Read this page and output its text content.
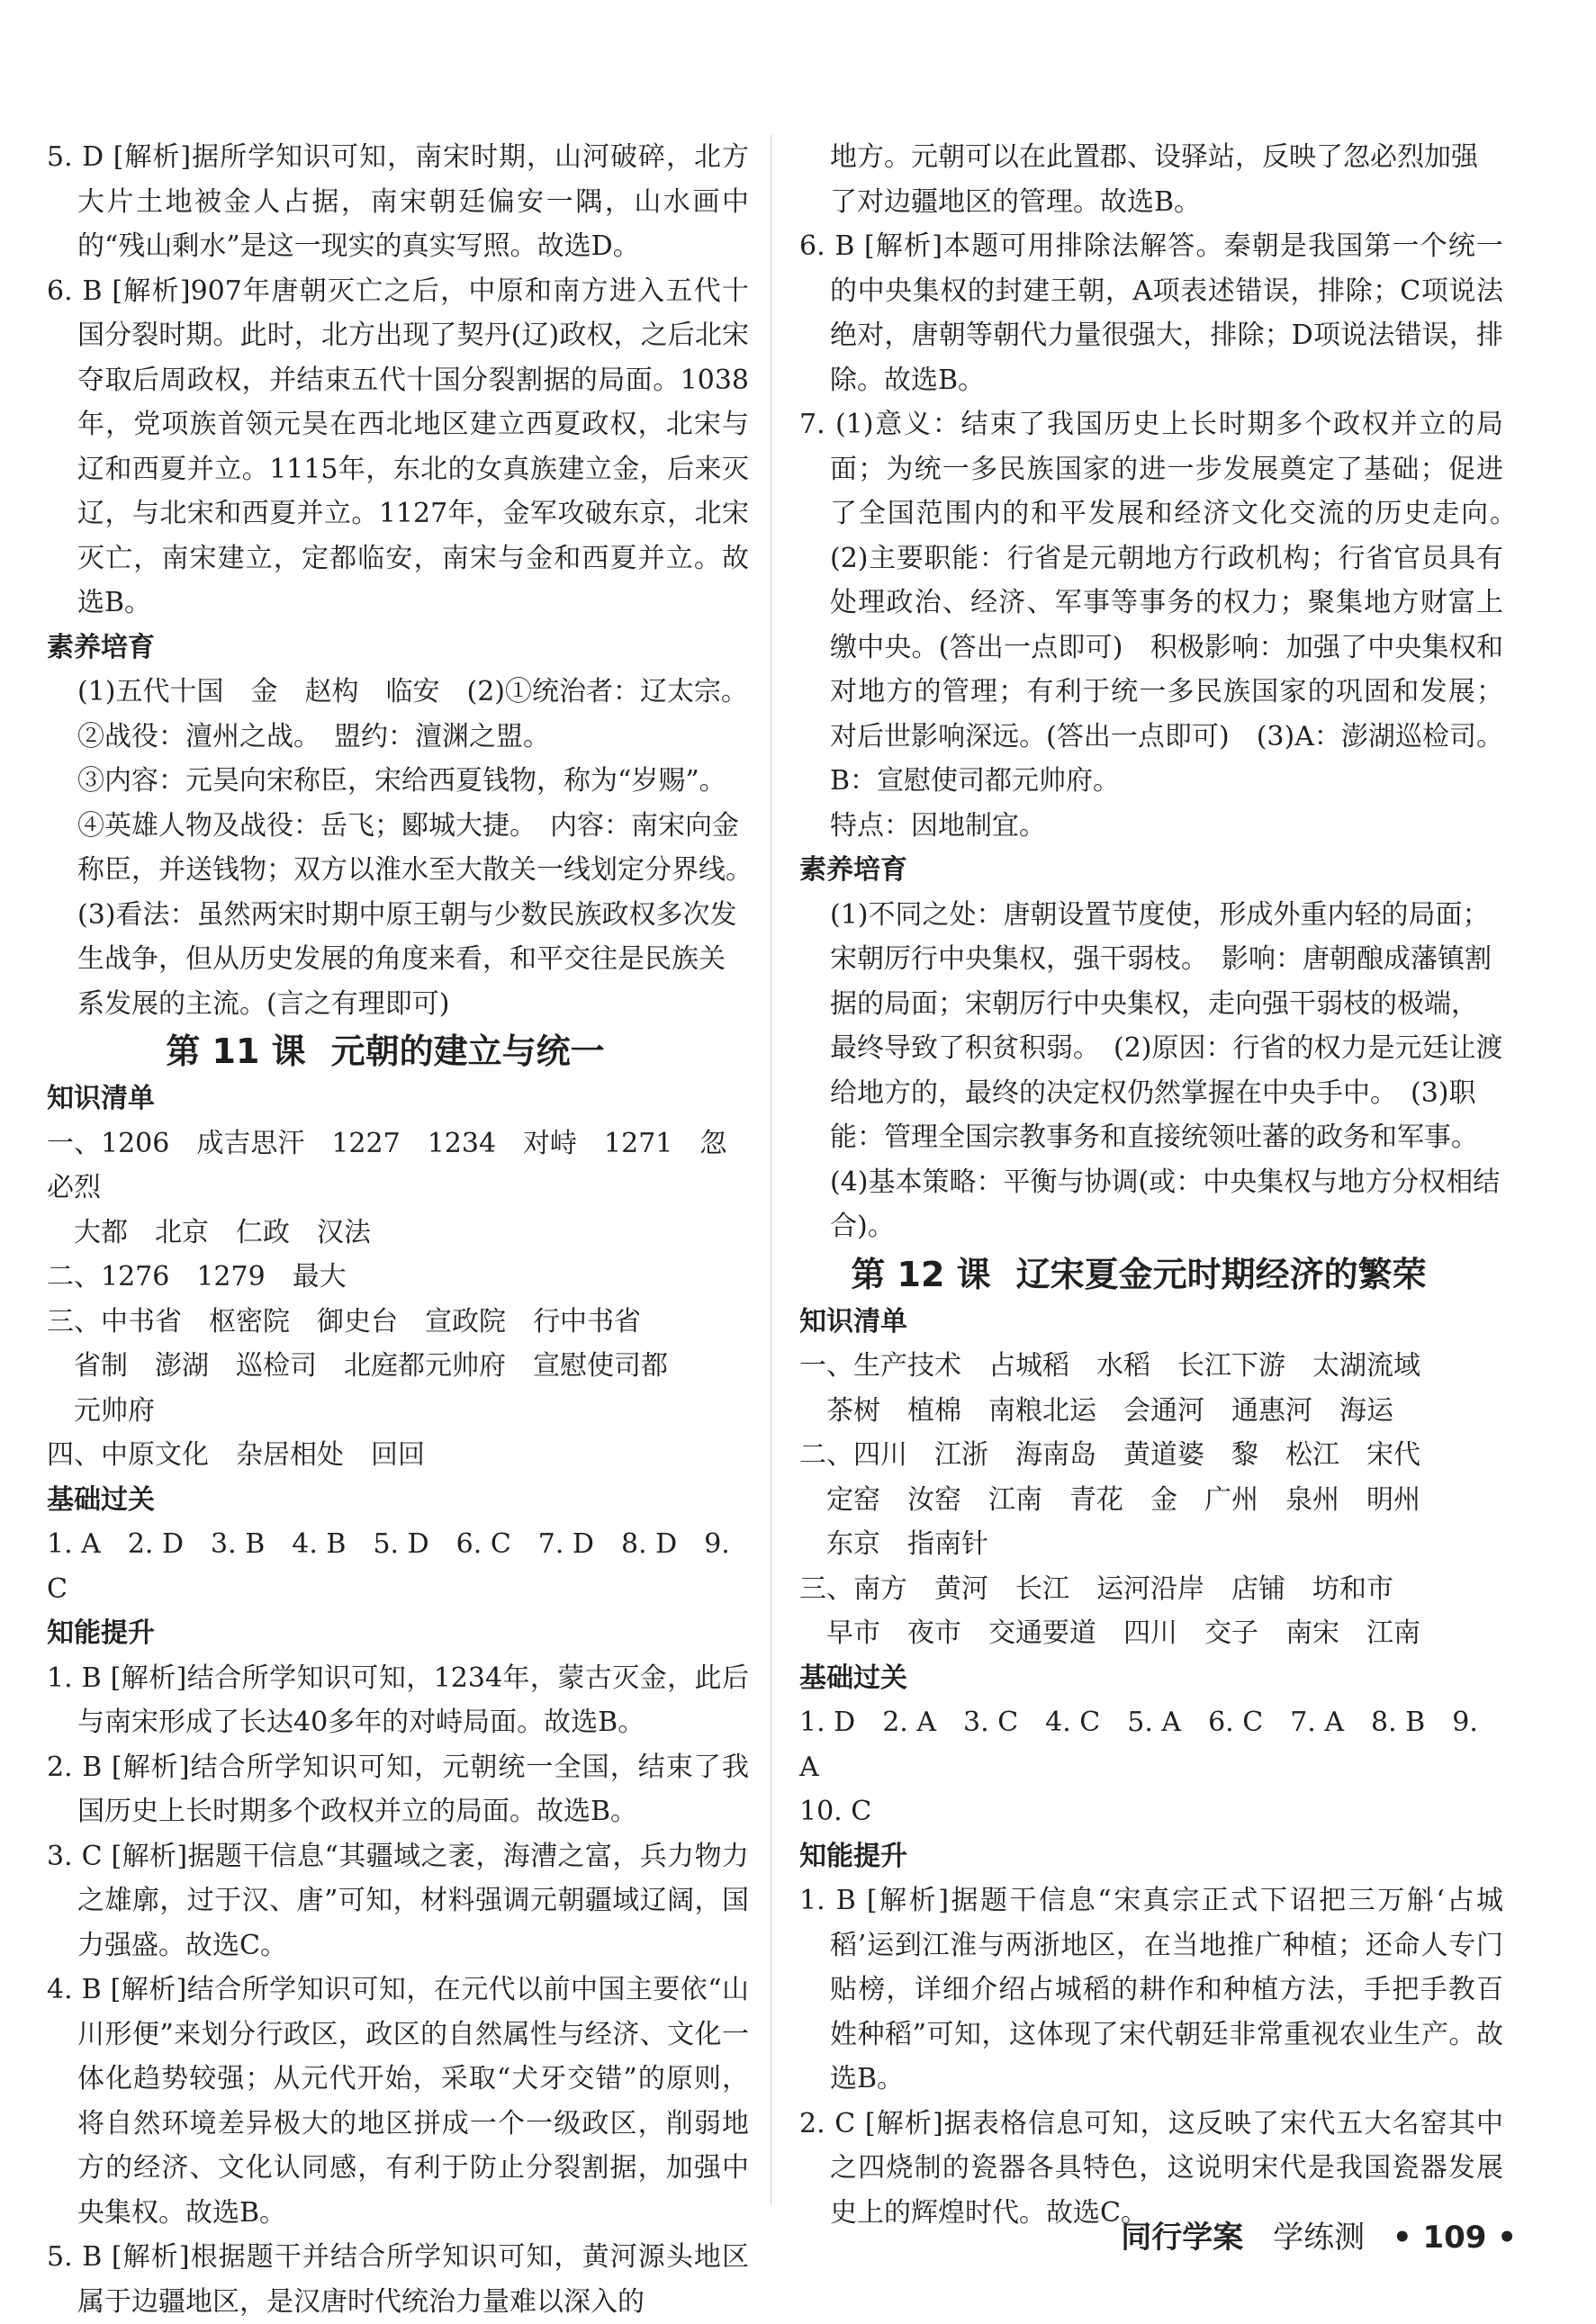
5. D [解析]据所学知识可知，南宋时期，山河破碎，北方大片土地被金人占据，南宋朝廷偏安一隅，山水画中的“残山剩水”是这一现实的真实写照。故选D。
6. B [解析]907年唐朝灭亡之后，中原和南方进入五代十国分裂时期。此时，北方出现了契丹(辽)政权，之后北宋夺取后周政权，并结束五代十国分裂割据的局面。1038年，党项族首领元昊在西北地区建立西夏政权，北宋与辽和西夏并立。1115年，东北的女真族建立金，后来灭辽，与北宋和西夏并立。1127年，金军攻破东京，北宋灭亡，南宋建立，定都临安，南宋与金和西夏并立。故选B。
素养培育
(1)五代十国　金　赵构　临安　(2)①统治者：辽太宗。　②战役：澶州之战。　盟约：澶渊之盟。
③内容：元昊向宋称臣，宋给西夏钱物，称为“岁赐”。
④英雄人物及战役：岳飞；郾城大捷。　内容：南宋向金称臣，并送钱物；双方以淮水至大散关一线划定分界线。　(3)看法：虽然两宋时期中原王朝与少数民族政权多次发生战争，但从历史发展的角度来看，和平交往是民族关系发展的主流。(言之有理即可)
第 11 课 元朝的建立与统一
知识清单
一、1206　成吉思汗　1227　1234　对峙　1271　忽必烈
大都　北京　仁政　汉法
二、1276　1279　最大
三、中书省　枢密院　御史台　宣政院　行中书省
省制　澎湖　巡检司　北庭都元帅府　宣慰使司都
元帅府
四、中原文化　杂居相处　回回
基础过关
1. A　2. D　3. B　4. B　5. D　6. C　7. D　8. D　9. C
知能提升
1. B [解析]结合所学知识可知，1234年，蒙古灭金，此后与南宋形成了长达40多年的对峙局面。故选B。
2. B [解析]结合所学知识可知，元朝统一全国，结束了我国历史上长时期多个政权并立的局面。故选B。
3. C [解析]据题干信息“其疆域之袤，海漕之富，兵力物力之雄廓，过于汉、唐”可知，材料强调元朝疆域辽阔，国力强盛。故选C。
4. B [解析]结合所学知识可知，在元代以前中国主要依“山川形便”来划分行政区，政区的自然属性与经济、文化一体化趋势较强；从元代开始，采取“犬牙交错”的原则，将自然环境差异极大的地区拼成一个一级政区，削弱地方的经济、文化认同感，有利于防止分裂割据，加强中央集权。故选B。
5. B [解析]根据题干并结合所学知识可知，黄河源头地区属于边疆地区，是汉唐时代统治力量难以深入的
地方。元朝可以在此置郡、设驿站，反映了忽必烈加强了对边疆地区的管理。故选B。
6. B [解析]本题可用排除法解答。秦朝是我国第一个统一的中央集权的封建王朝，A项表述错误，排除；C项说法绝对，唐朝等朝代力量很强大，排除；D项说法错误，排除。故选B。
7. (1)意义：结束了我国历史上长时期多个政权并立的局面；为统一多民族国家的进一步发展奠定了基础；促进了全国范围内的和平发展和经济文化交流的历史走向。　(2)主要职能：行省是元朝地方行政机构；行省官员具有处理政治、经济、军事等事务的权力；聚集地方财富上缴中央。(答出一点即可)　积极影响：加强了中央集权和对地方的管理；有利于统一多民族国家的巩固和发展；对后世影响深远。(答出一点即可)　(3)A：澎湖巡检司。B：宣慰使司都元帅府。
特点：因地制宜。
素养培育
(1)不同之处：唐朝设置节度使，形成外重内轻的局面；宋朝厉行中央集权，强干弱枝。　影响：唐朝酿成藩镇割据的局面；宋朝厉行中央集权，走向强干弱枝的极端，最终导致了积贫积弱。　(2)原因：行省的权力是元廷让渡给地方的，最终的决定权仍然掌握在中央手中。　(3)职能：管理全国宗教事务和直接统领吐蕃的政务和军事。　(4)基本策略：平衡与协调(或：中央集权与地方分权相结合)。
第 12 课 辽宋夏金元时期经济的繁荣
知识清单
一、生产技术　占城稻　水稻　长江下游　太湖流域
茶树　植棉　南粮北运　会通河　通惠河　海运
二、四川　江浙　海南岛　黄道婆　黎　松江　宋代
定窑　汝窑　江南　青花　金　广州　泉州　明州
东京　指南针
三、南方　黄河　长江　运河沿岸　店铺　坊和市
早市　夜市　交通要道　四川　交子　南宋　江南
基础过关
1. D　2. A　3. C　4. C　5. A　6. C　7. A　8. B　9. A
10. C
知能提升
1. B [解析]据题干信息“宋真宗正式下诏把三万斛‘占城稻’运到江淮与两浙地区，在当地推广种植；还命人专门贴榜，详细介绍占城稻的耕作和种植方法，手把手教百姓种稻”可知，这体现了宋代朝廷非常重视农业生产。故选B。
2. C [解析]据表格信息可知，这反映了宋代五大名窑其中之四烧制的瓷器各具特色，这说明宋代是我国瓷器发展史上的辉煌时代。故选C。
同行学案 学练测 • 109 •
